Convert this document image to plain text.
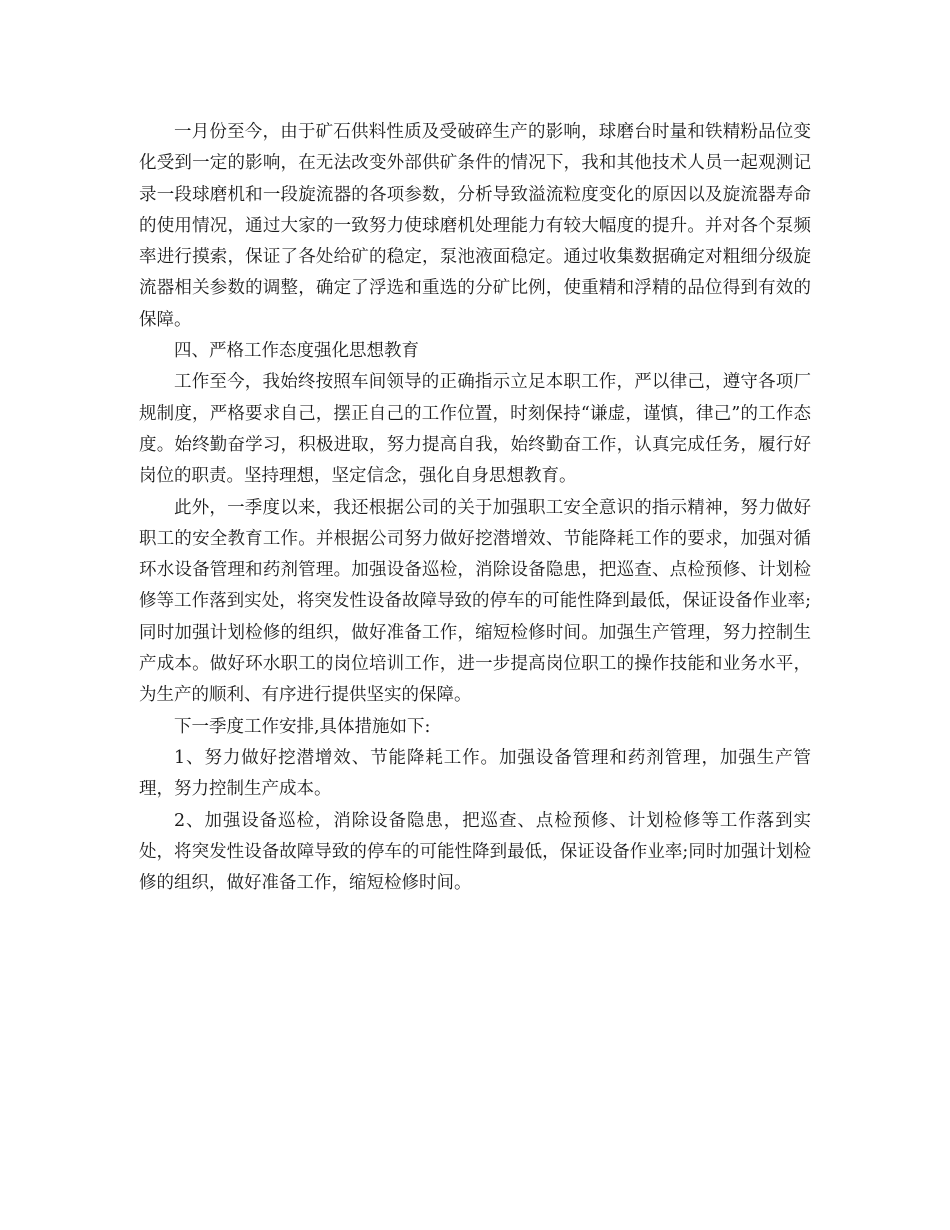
一月份至今，由于矿石供料性质及受破碎生产的影响，球磨台时量和铁精粉品位变化受到一定的影响，在无法改变外部供矿条件的情况下，我和其他技术人员一起观测记录一段球磨机和一段旋流器的各项参数，分析导致溢流粒度变化的原因以及旋流器寿命的使用情况，通过大家的一致努力使球磨机处理能力有较大幅度的提升。并对各个泵频率进行摸索，保证了各处给矿的稳定，泵池液面稳定。通过收集数据确定对粗细分级旋流器相关参数的调整，确定了浮选和重选的分矿比例，使重精和浮精的品位得到有效的保障。

四、严格工作态度强化思想教育

工作至今，我始终按照车间领导的正确指示立足本职工作，严以律己，遵守各项厂规制度，严格要求自己，摆正自己的工作位置，时刻保持“谦虚，谨慎，律己”的工作态度。始终勤奋学习，积极进取，努力提高自我，始终勤奋工作，认真完成任务，履行好岗位的职责。坚持理想，坚定信念，强化自身思想教育。

此外，一季度以来，我还根据公司的关于加强职工安全意识的指示精神，努力做好职工的安全教育工作。并根据公司努力做好挖潜增效、节能降耗工作的要求，加强对循环水设备管理和药剂管理。加强设备巡检，消除设备隐患，把巡查、点检预修、计划检修等工作落到实处，将突发性设备故障导致的停车的可能性降到最低，保证设备作业率;同时加强计划检修的组织，做好准备工作，缩短检修时间。加强生产管理，努力控制生产成本。做好环水职工的岗位培训工作，进一步提高岗位职工的操作技能和业务水平，为生产的顺利、有序进行提供坚实的保障。

下一季度工作安排,具体措施如下:

1、努力做好挖潜增效、节能降耗工作。加强设备管理和药剂管理，加强生产管理，努力控制生产成本。

2、加强设备巡检，消除设备隐患，把巡查、点检预修、计划检修等工作落到实处，将突发性设备故障导致的停车的可能性降到最低，保证设备作业率;同时加强计划检修的组织，做好准备工作，缩短检修时间。
